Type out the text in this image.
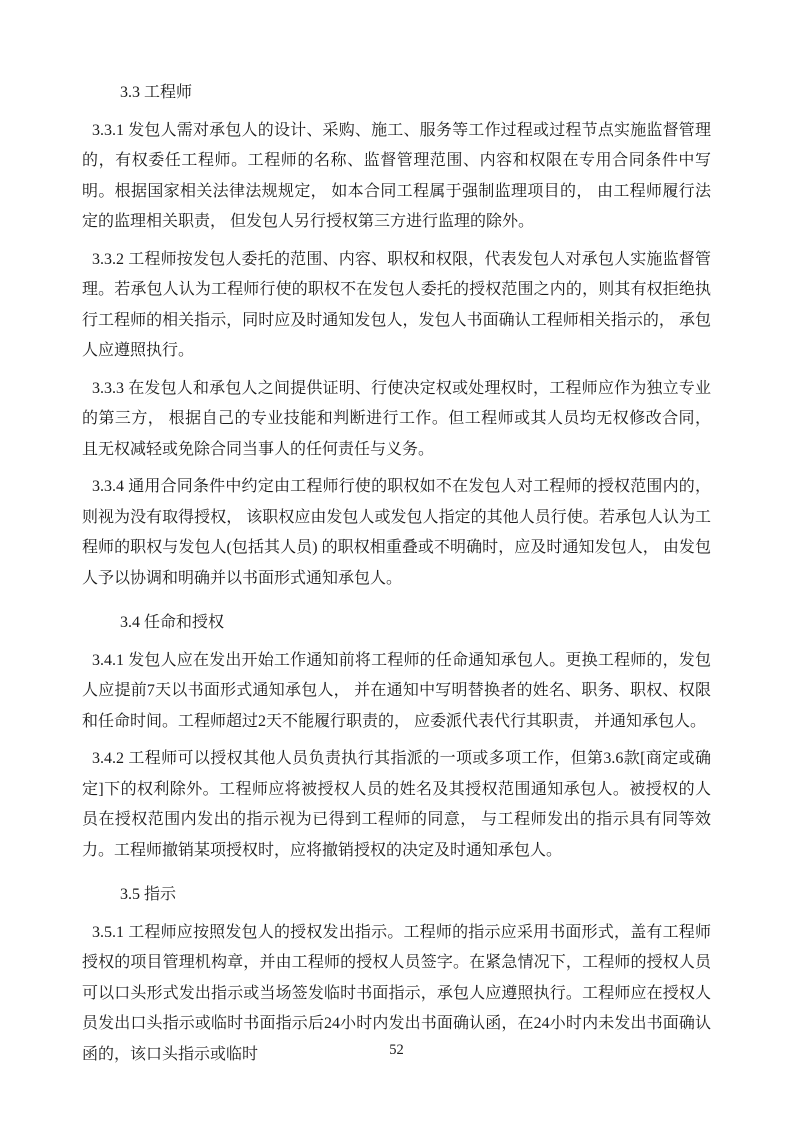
3.3 工程师

3.3.1 发包人需对承包人的设计、采购、施工、服务等工作过程或过程节点实施监督管理的，有权委任工程师。工程师的名称、监督管理范围、内容和权限在专用合同条件中写明。根据国家相关法律法规规定， 如本合同工程属于强制监理项目的， 由工程师履行法定的监理相关职责， 但发包人另行授权第三方进行监理的除外。

3.3.2 工程师按发包人委托的范围、内容、职权和权限，代表发包人对承包人实施监督管理。若承包人认为工程师行使的职权不在发包人委托的授权范围之内的，则其有权拒绝执行工程师的相关指示，同时应及时通知发包人，发包人书面确认工程师相关指示的， 承包人应遵照执行。

3.3.3 在发包人和承包人之间提供证明、行使决定权或处理权时，工程师应作为独立专业的第三方， 根据自己的专业技能和判断进行工作。但工程师或其人员均无权修改合同， 且无权减轻或免除合同当事人的任何责任与义务。

3.3.4 通用合同条件中约定由工程师行使的职权如不在发包人对工程师的授权范围内的， 则视为没有取得授权， 该职权应由发包人或发包人指定的其他人员行使。若承包人认为工程师的职权与发包人(包括其人员) 的职权相重叠或不明确时，应及时通知发包人， 由发包人予以协调和明确并以书面形式通知承包人。

3.4 任命和授权

3.4.1 发包人应在发出开始工作通知前将工程师的任命通知承包人。更换工程师的，发包人应提前7天以书面形式通知承包人， 并在通知中写明替换者的姓名、职务、职权、权限和任命时间。工程师超过2天不能履行职责的， 应委派代表代行其职责， 并通知承包人。

3.4.2 工程师可以授权其他人员负责执行其指派的一项或多项工作，但第3.6款[商定或确定]下的权利除外。工程师应将被授权人员的姓名及其授权范围通知承包人。被授权的人员在授权范围内发出的指示视为已得到工程师的同意， 与工程师发出的指示具有同等效力。工程师撤销某项授权时，应将撤销授权的决定及时通知承包人。

3.5 指示

3.5.1 工程师应按照发包人的授权发出指示。工程师的指示应采用书面形式，盖有工程师授权的项目管理机构章，并由工程师的授权人员签字。在紧急情况下，工程师的授权人员可以口头形式发出指示或当场签发临时书面指示，承包人应遵照执行。工程师应在授权人员发出口头指示或临时书面指示后24小时内发出书面确认函，在24小时内未发出书面确认函的，该口头指示或临时	52
